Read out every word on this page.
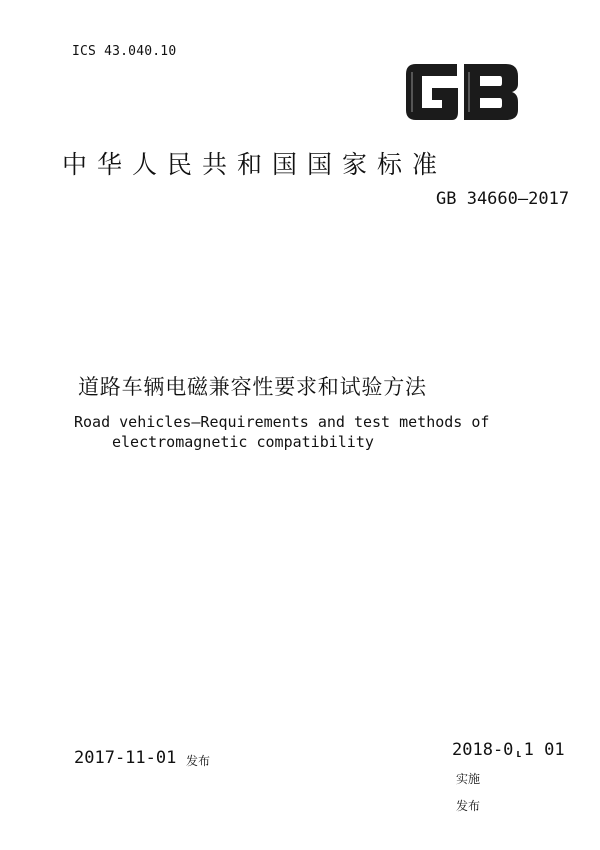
ICS 43.040.10
中华人民共和国国家标准
GB 34660—2017
道路车辆电磁兼容性要求和试验方法
Road vehicles—Requirements and test methods of
electromagnetic compatibility
2017-11-01 发布
2018-0⸤1 01
实施
发布
